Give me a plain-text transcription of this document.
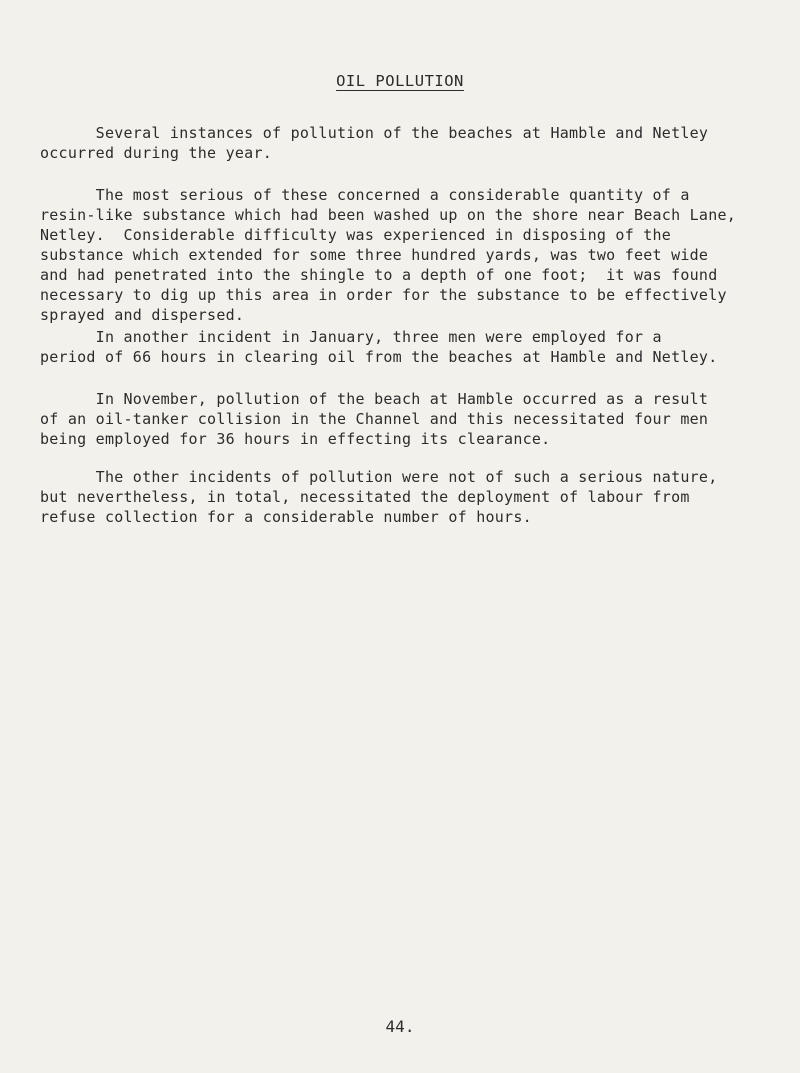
OIL POLLUTION

Several instances of pollution of the beaches at Hamble and Netley
occurred during the year.

The most serious of these concerned a considerable quantity of a
resin-like substance which had been washed up on the shore near Beach Lane,
Netley.  Considerable difficulty was experienced in disposing of the
substance which extended for some three hundred yards, was two feet wide
and had penetrated into the shingle to a depth of one foot;  it was found
necessary to dig up this area in order for the substance to be effectively
sprayed and dispersed.

In another incident in January, three men were employed for a
period of 66 hours in clearing oil from the beaches at Hamble and Netley.

In November, pollution of the beach at Hamble occurred as a result
of an oil-tanker collision in the Channel and this necessitated four men
being employed for 36 hours in effecting its clearance.

The other incidents of pollution were not of such a serious nature,
but nevertheless, in total, necessitated the deployment of labour from
refuse collection for a considerable number of hours.

44.
